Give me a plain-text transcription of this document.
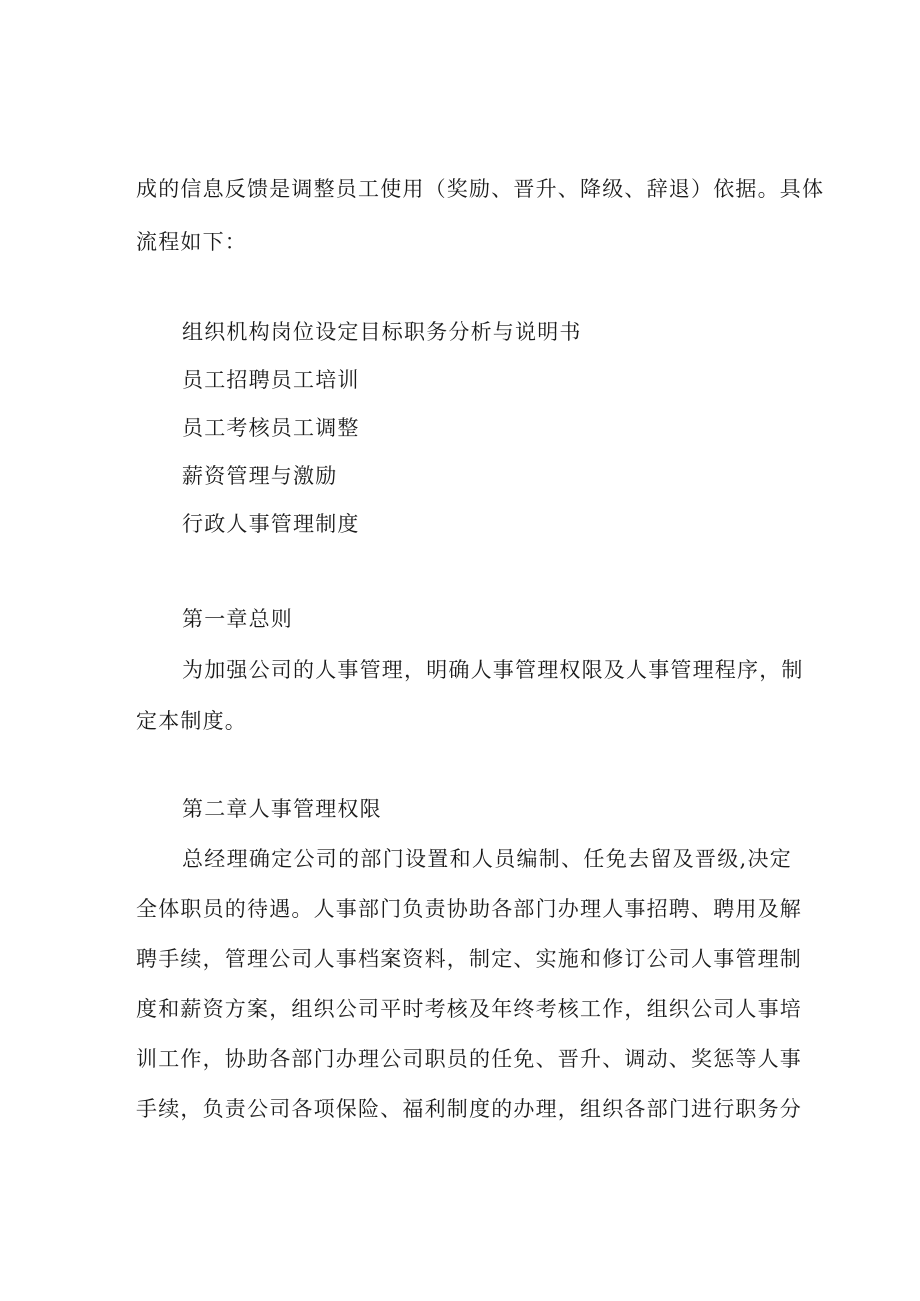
成的信息反馈是调整员工使用（奖励、晋升、降级、辞退）依据。具体
流程如下：
组织机构岗位设定目标职务分析与说明书
员工招聘员工培训
员工考核员工调整
薪资管理与激励
行政人事管理制度
第一章总则
为加强公司的人事管理，明确人事管理权限及人事管理程序，制
定本制度。
第二章人事管理权限
总经理确定公司的部门设置和人员编制、任免去留及晋级,决定
全体职员的待遇。人事部门负责协助各部门办理人事招聘、聘用及解
聘手续，管理公司人事档案资料，制定、实施和修订公司人事管理制
度和薪资方案，组织公司平时考核及年终考核工作，组织公司人事培
训工作，协助各部门办理公司职员的任免、晋升、调动、奖惩等人事
手续，负责公司各项保险、福利制度的办理，组织各部门进行职务分
